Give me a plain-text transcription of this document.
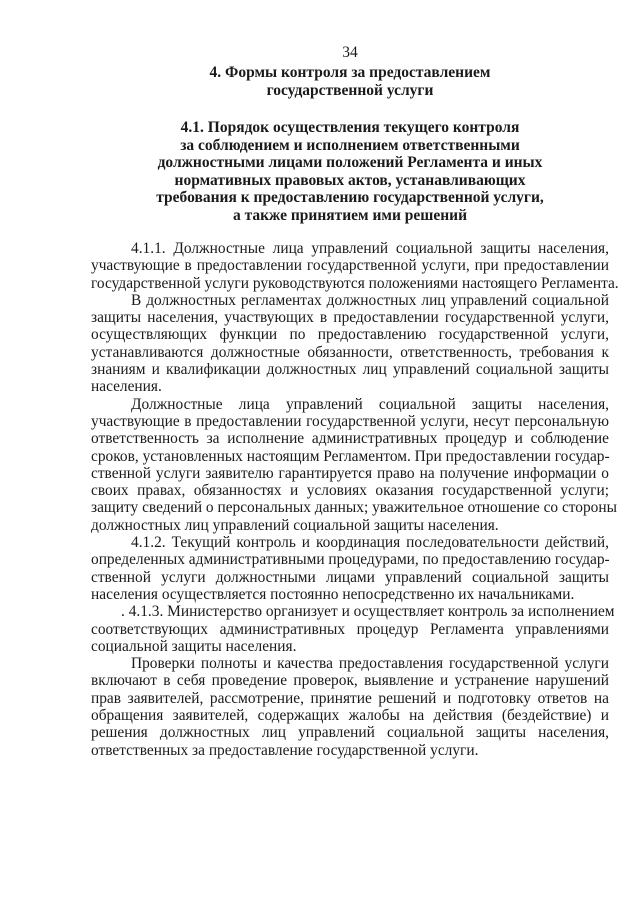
34
4. Формы контроля за предоставлением
государственной услуги
4.1. Порядок осуществления текущего контроля
за соблюдением и исполнением ответственными
должностными лицами положений Регламента и иных
нормативных правовых актов, устанавливающих
требования к предоставлению государственной услуги,
а также принятием ими решений

4.1.1. Должностные лица управлений социальной защиты населения,
участвующие в предоставлении государственной услуги, при предоставлении
государственной услуги руководствуются положениями настоящего Регламента.

В должностных регламентах должностных лиц управлений социальной
защиты населения, участвующих в предоставлении государственной услуги,
осуществляющих функции по предоставлению государственной услуги,
устанавливаются должностные обязанности, ответственность, требования к
знаниям и квалификации должностных лиц управлений социальной защиты
населения.

Должностные лица управлений социальной защиты населения,
участвующие в предоставлении государственной услуги, несут персональную
ответственность за исполнение административных процедур и соблюдение
сроков, установленных настоящим Регламентом. При предоставлении государ-
ственной услуги заявителю гарантируется право на получение информации о
своих правах, обязанностях и условиях оказания государственной услуги;
защиту сведений о персональных данных; уважительное отношение со стороны
должностных лиц управлений социальной защиты населения.

4.1.2. Текущий контроль и координация последовательности действий,
определенных административными процедурами, по предоставлению государ-
ственной услуги должностными лицами управлений социальной защиты
населения осуществляется постоянно непосредственно их начальниками.

. 4.1.3. Министерство организует и осуществляет контроль за исполнением
соответствующих административных процедур Регламента управлениями
социальной защиты населения.

Проверки полноты и качества предоставления государственной услуги
включают в себя проведение проверок, выявление и устранение нарушений
прав заявителей, рассмотрение, принятие решений и подготовку ответов на
обращения заявителей, содержащих жалобы на действия (бездействие) и
решения должностных лиц управлений социальной защиты населения,
ответственных за предоставление государственной услуги.
